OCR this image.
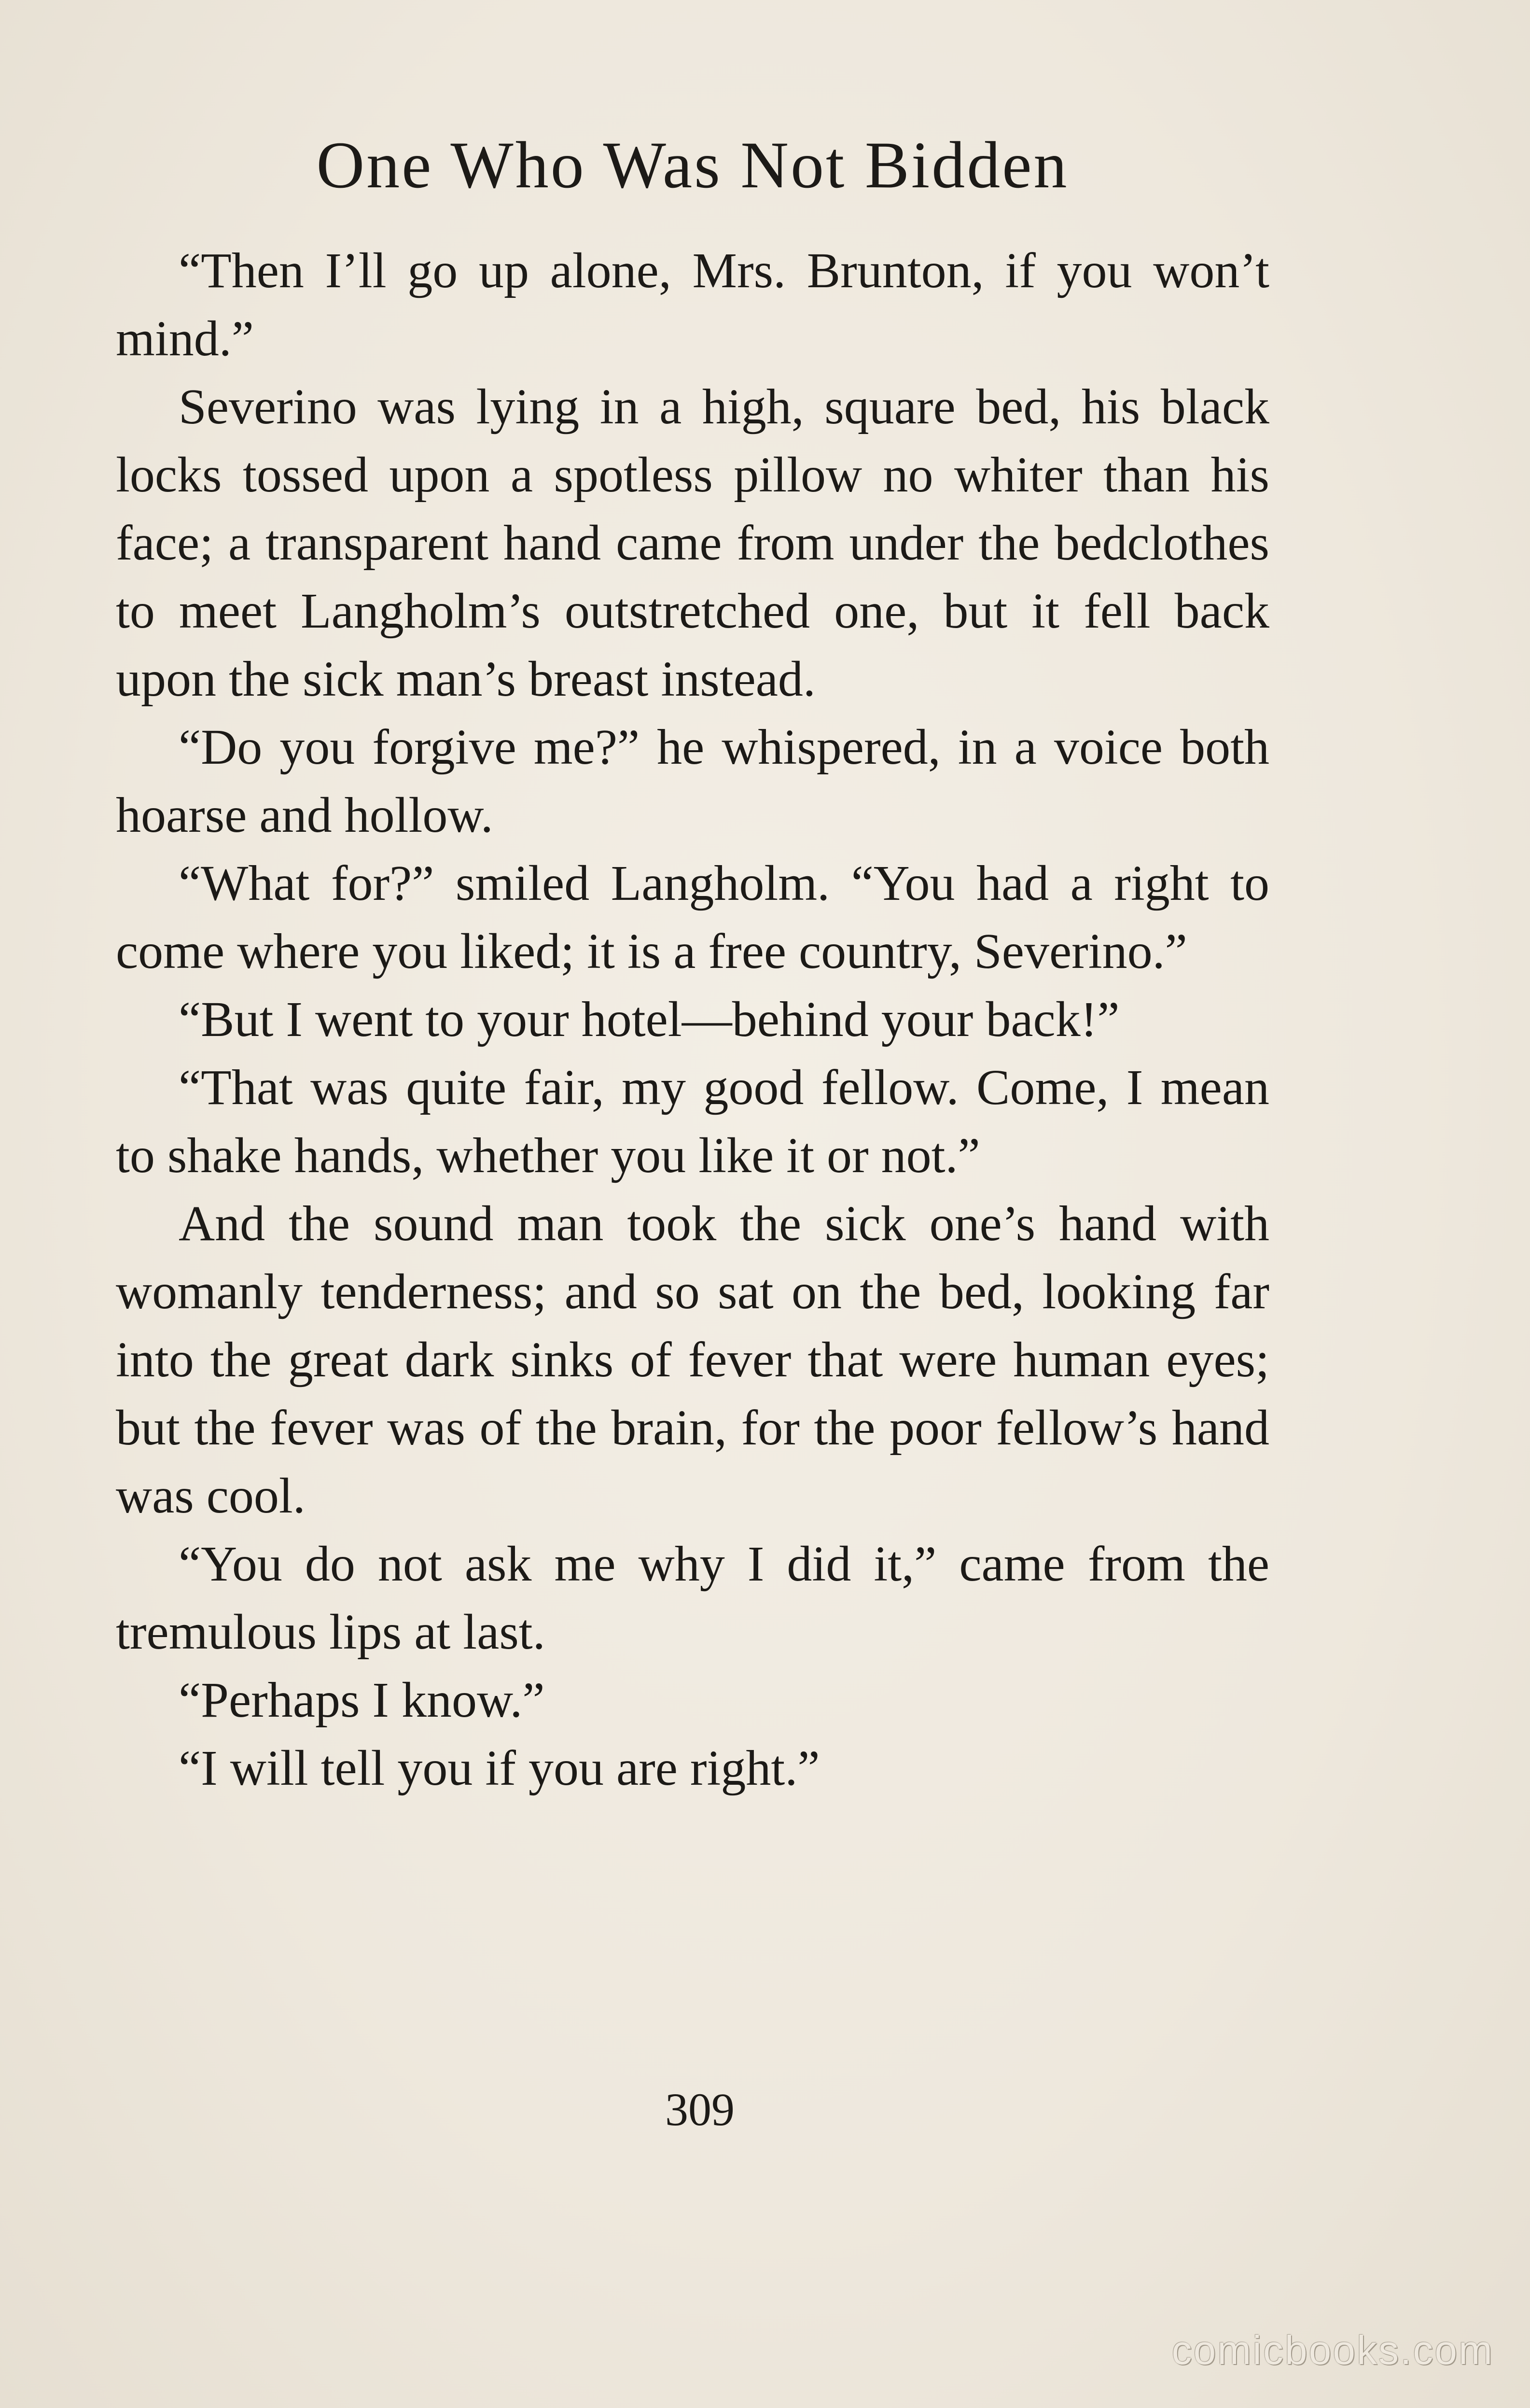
One Who Was Not Bidden

“Then I’ll go up alone, Mrs. Brunton, if you won’t mind.”

Severino was lying in a high, square bed, his black locks tossed upon a spotless pillow no whiter than his face; a transparent hand came from under the bedclothes to meet Langholm’s outstretched one, but it fell back upon the sick man’s breast instead.

“Do you forgive me?” he whispered, in a voice both hoarse and hollow.

“What for?” smiled Langholm. “You had a right to come where you liked; it is a free country, Severino.”

“But I went to your hotel—behind your back!”

“That was quite fair, my good fellow. Come, I mean to shake hands, whether you like it or not.”

And the sound man took the sick one’s hand with womanly tenderness; and so sat on the bed, looking far into the great dark sinks of fever that were human eyes; but the fever was of the brain, for the poor fellow’s hand was cool.

“You do not ask me why I did it,” came from the tremulous lips at last.

“Perhaps I know.”

“I will tell you if you are right.”

309
comicbooks.com
